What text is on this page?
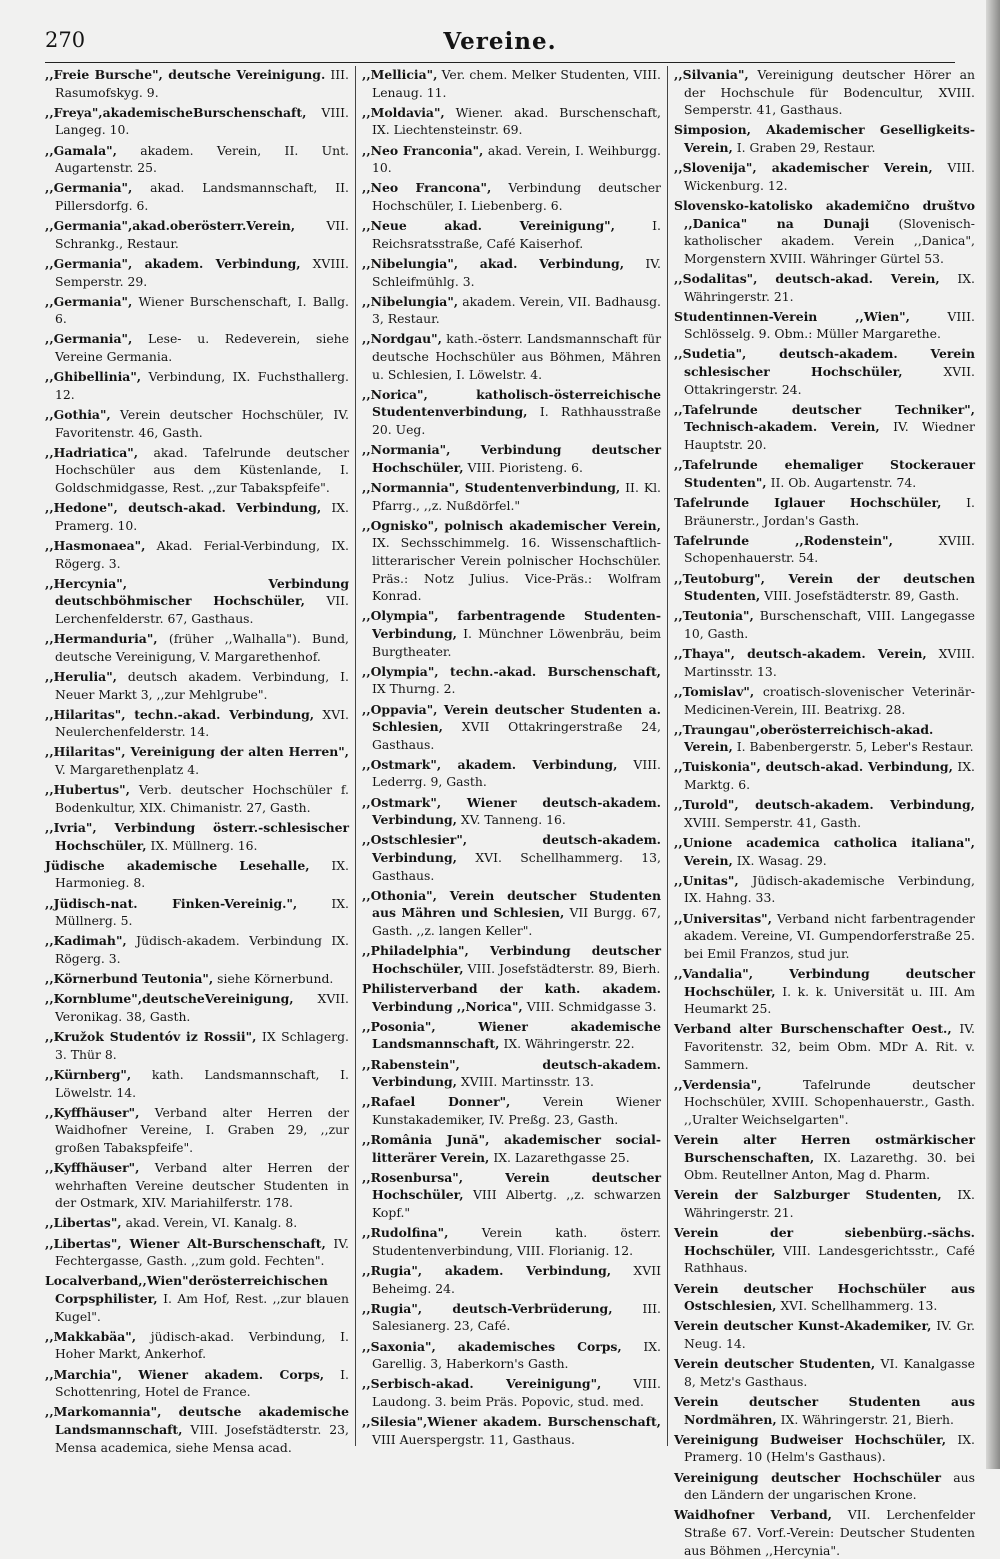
270	Vereine.

,,Freie Bursche", deutsche Vereinigung. III. Rasumofskyg. 9.

,,Freya",akademischeBurschenschaft, VIII. Langeg. 10.

,,Gamala", akadem. Verein, II. Unt. Augartenstr. 25.

,,Germania", akad. Landsmannschaft, II. Pillersdorfg. 6.

,,Germania",akad.oberösterr.Verein,	VII. Schrankg., Restaur.

,,Germania", akadem. Verbindung, XVIII. Semperstr. 29.

,,Germania", Wiener Burschenschaft, I. Ballg. 6.

,,Germania", Lese- u. Redeverein, siehe Vereine Germania.

,,Ghibellinia", Verbindung, IX. Fuchsthallerg. 12.

,,Gothia", Verein deutscher Hochschüler, IV. Favoritenstr. 46, Gasth.

,,Hadriatica", akad. Tafelrunde deutscher Hochschüler aus dem Küstenlande, I. Goldschmidgasse, Rest. ,,zur Tabakspfeife".

,,Hedone", deutsch-akad. Verbindung, IX. Pramerg. 10.

,,Hasmonaea", Akad. Ferial-Verbindung, IX. Rögerg. 3.

,,Hercynia", Verbindung deutschböhmischer Hochschüler, VII. Lerchenfelderstr. 67, Gasthaus.

,,Hermanduria", (früher ,,Walhalla"). Bund, deutsche Vereinigung, V. Margarethenhof.

,,Herulia", deutsch akadem. Verbindung, I. Neuer Markt 3, ,,zur Mehlgrube".

,,Hilaritas", techn.-akad. Verbindung, XVI. Neulerchenfelderstr. 14.

,,Hilaritas", Vereinigung der alten Herren", V. Margarethenplatz 4.

,,Hubertus", Verb. deutscher Hochschüler f. Bodenkultur, XIX. Chimanistr. 27, Gasth.

,,Ivria", Verbindung österr.-schlesischer Hochschüler, IX. Müllnerg. 16.

Jüdische akademische Lesehalle, IX. Harmonieg. 8.

,,Jüdisch-nat. Finken-Vereinig.",	IX. Müllnerg. 5.

,,Kadimah", Jüdisch-akadem. Verbindung IX. Rögerg. 3.

,,Körnerbund Teutonia", siehe Körnerbund.

,,Kornblume",deutscheVereinigung, XVII. Veronikag. 38, Gasth.

,,Kružok Studentóv iz Rossii", IX Schlagerg. 3. Thür 8.

,,Kürnberg", kath. Landsmannschaft, I. Löwelstr. 14.

,,Kyffhäuser", Verband alter Herren der Waidhofner Vereine, I. Graben 29, ,,zur großen Tabakspfeife".

,,Kyffhäuser", Verband alter Herren der wehrhaften Vereine deutscher Studenten in der Ostmark, XIV. Mariahilferstr. 178.

,,Libertas", akad. Verein, VI. Kanalg. 8.

,,Libertas", Wiener Alt-Burschenschaft, IV. Fechtergasse, Gasth. ,,zum gold. Fechten".

Localverband,,Wien"derösterreichischen Corpsphilister, I. Am Hof, Rest. ,,zur blauen Kugel".

,,Makkabäa", jüdisch-akad. Verbindung, I. Hoher Markt, Ankerhof.

,,Marchia", Wiener akadem. Corps, I. Schottenring, Hotel de France.

,,Markomannia", deutsche akademische Landsmannschaft, VIII. Josefstädterstr. 23, Mensa academica, siehe Mensa acad.

,,Mellicia", Ver. chem. Melker Studenten, VIII. Lenaug. 11.

,,Moldavia", Wiener. akad. Burschenschaft, IX. Liechtensteinstr. 69.

,,Neo Franconia", akad. Verein, I. Weihburgg. 10.

,,Neo Francona", Verbindung deutscher Hochschüler, I. Liebenberg. 6.

,,Neue akad. Vereinigung",	I. Reichsratsstraße, Café Kaiserhof.

,,Nibelungia", akad. Verbindung, IV. Schleifmühlg. 3.

,,Nibelungia", akadem. Verein, VII. Badhausg. 3, Restaur.

,,Nordgau", kath.-österr. Landsmannschaft für deutsche Hochschüler aus Böhmen, Mähren u. Schlesien, I. Löwelstr. 4.

,,Norica", katholisch-österreichische Studentenverbindung, I. Rathhausstraße 20. Ueg.

,,Normania", Verbindung deutscher Hochschüler, VIII. Pioristeng. 6.

,,Normannia", Studentenverbindung, II. Kl. Pfarrg., ,,z. Nußdörfel."

,,Ognisko", polnisch akademischer Verein, IX. Sechsschimmelg. 16. Wissenschaftlich-litterarischer Verein polnischer Hochschüler. Präs.: Notz Julius. Vice-Präs.: Wolfram Konrad.

,,Olympia", farbentragende Studenten-Verbindung, I. Münchner Löwenbräu, beim Burgtheater.

,,Olympia", techn.-akad. Burschenschaft, IX Thurng. 2.

,,Oppavia", Verein deutscher Studenten a. Schlesien, XVII Ottakringerstraße 24, Gasthaus.

,,Ostmark", akadem. Verbindung, VIII. Lederrg. 9, Gasth.

,,Ostmark", Wiener deutsch-akadem. Verbindung, XV. Tanneng. 16.

,,Ostschlesier", deutsch-akadem. Verbindung, XVI. Schellhammerg. 13, Gasthaus.

,,Othonia", Verein deutscher Studenten aus Mähren und Schlesien, VII Burgg. 67, Gasth. ,,z. langen Keller".

,,Philadelphia", Verbindung deutscher Hochschüler, VIII. Josefstädterstr. 89, Bierh.

Philisterverband der kath. akadem. Verbindung ,,Norica", VIII. Schmidgasse 3.

,,Posonia", Wiener akademische Landsmannschaft, IX. Währingerstr. 22.

,,Rabenstein", deutsch-akadem. Verbindung, XVIII. Martinsstr. 13.

,,Rafael Donner",	Verein Wiener Kunstakademiker, IV. Preßg. 23, Gasth.

,,România Jună", akademischer social-litterärer Verein, IX. Lazarethgasse 25.

,,Rosenbursa", Verein deutscher Hochschüler, VIII Albertg. ,,z. schwarzen Kopf."

,,Rudolfina",	Verein kath. österr. Studentenverbindung, VIII. Florianig. 12.

,,Rugia", akadem. Verbindung, XVII Beheimg. 24.

,,Rugia", deutsch-Verbrüderung, III. Salesianerg. 23, Café.

,,Saxonia", akademisches Corps, IX. Garellig. 3, Haberkorn's Gasth.

,,Serbisch-akad. Vereinigung",	VIII. Laudong. 3. beim Präs. Popovic, stud. med.

,,Silesia",Wiener akadem. Burschenschaft, VIII Auerspergstr. 11, Gasthaus.

,,Silvania", Vereinigung deutscher Hörer an der Hochschule für Bodencultur, XVIII. Semperstr. 41, Gasthaus.

Simposion, Akademischer Geselligkeits-Verein, I. Graben 29, Restaur.

,,Slovenija", akademischer Verein, VIII. Wickenburg. 12.

Slovensko-katolisko akademično društvo ,,Danica" na Dunaji (Slovenisch-katholischer akadem. Verein ,,Danica", Morgenstern XVIII. Währinger Gürtel 53.

,,Sodalitas", deutsch-akad. Verein, IX. Währingerstr. 21.

Studentinnen-Verein ,,Wien",	VIII. Schlösselg. 9. Obm.: Müller Margarethe.

,,Sudetia", deutsch-akadem. Verein schlesischer Hochschüler,	XVII. Ottakringerstr. 24.

,,Tafelrunde deutscher Techniker", Technisch-akadem. Verein, IV. Wiedner Hauptstr. 20.

,,Tafelrunde ehemaliger Stockerauer Studenten", II. Ob. Augartenstr. 74.

Tafelrunde Iglauer Hochschüler, I. Bräunerstr., Jordan's Gasth.

Tafelrunde ,,Rodenstein",	XVIII. Schopenhauerstr. 54.

,,Teutoburg", Verein der deutschen Studenten, VIII. Josefstädterstr. 89, Gasth.

,,Teutonia", Burschenschaft, VIII. Langegasse 10, Gasth.

,,Thaya", deutsch-akadem. Verein, XVIII. Martinsstr. 13.

,,Tomislav", croatisch-slovenischer Veterinär-Medicinen-Verein, III. Beatrixg. 28.

,,Traungau",oberösterreichisch-akad. Verein, I. Babenbergerstr. 5, Leber's Restaur.

,,Tuiskonia", deutsch-akad. Verbindung, IX. Marktg. 6.

,,Turold", deutsch-akadem. Verbindung, XVIII. Semperstr. 41, Gasth.

,,Unione academica catholica italiana", Verein, IX. Wasag. 29.

,,Unitas", Jüdisch-akademische Verbindung, IX. Hahng. 33.

,,Universitas", Verband nicht farbentragender akadem. Vereine, VI. Gumpendorferstraße 25. bei Emil Franzos, stud jur.

,,Vandalia", Verbindung deutscher Hochschüler, I. k. k. Universität u. III. Am Heumarkt 25.

Verband alter Burschenschafter Oest., IV. Favoritenstr. 32, beim Obm. MDr A. Rit. v. Sammern.

,,Verdensia",	Tafelrunde deutscher Hochschüler, XVIII. Schopenhauerstr., Gasth. ,,Uralter Weichselgarten".

Verein alter Herren ostmärkischer Burschenschaften, IX. Lazarethg. 30. bei Obm. Reutellner Anton, Mag d. Pharm.

Verein der Salzburger Studenten, IX. Währingerstr. 21.

Verein der siebenbürg.-sächs. Hochschüler, VIII. Landesgerichtsstr., Café Rathhaus.

Verein deutscher Hochschüler aus Ostschlesien, XVI. Schellhammerg. 13.

Verein deutscher Kunst-Akademiker, IV. Gr. Neug. 14.

Verein deutscher Studenten, VI. Kanalgasse 8, Metz's Gasthaus.

Verein deutscher Studenten aus Nordmähren, IX. Währingerstr. 21, Bierh.

Vereinigung Budweiser Hochschüler, IX. Pramerg. 10 (Helm's Gasthaus).

Vereinigung deutscher Hochschüler aus den Ländern der ungarischen Krone.

Waidhofner Verband, VII. Lerchenfelder Straße 67. Vorf.-Verein: Deutscher Studenten aus Böhmen ,,Hercynia".
